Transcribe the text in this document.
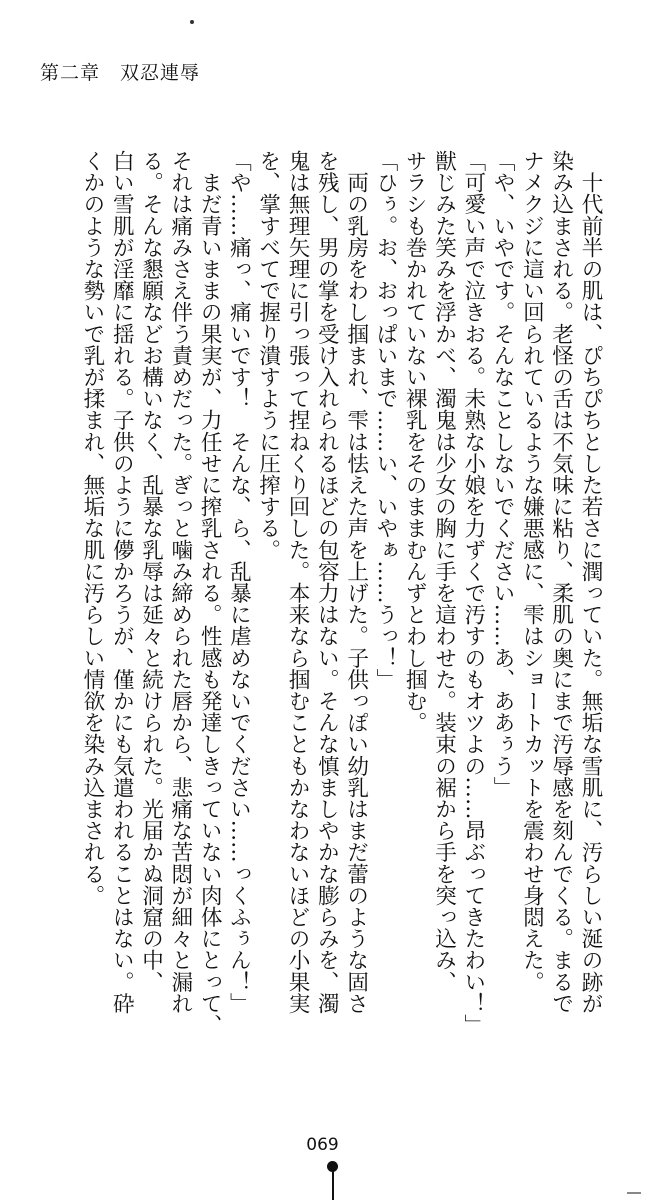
第二章　双忍連辱
　十代前半の肌は、ぴちぴちとした若さに潤っていた。無垢な雪肌に、汚らしい涎の跡が
染み込まされる。老怪の舌は不気味に粘り、柔肌の奥にまで汚辱感を刻んでくる。まるで
ナメクジに這い回られているような嫌悪感に、雫はショートカットを震わせ身悶えた。
「や、いやです。そんなことしないでください……あ、ああぅう」
「可愛い声で泣きおる。未熟な小娘を力ずくで汚すのもオツよの……昂ぶってきたわい！」
獣じみた笑みを浮かべ、濁鬼は少女の胸に手を這わせた。装束の裾から手を突っ込み、
サラシも巻かれていない裸乳をそのままむんずとわし掴む。
「ひぅ。お、おっぱいまで……い、いやぁ……うっ！」
　両の乳房をわし掴まれ、雫は怯えた声を上げた。子供っぽい幼乳はまだ蕾のような固さ
を残し、男の掌を受け入れられるほどの包容力はない。そんな慎ましやかな膨らみを、濁
鬼は無理矢理に引っ張って捏ねくり回した。本来なら掴むこともかなわないほどの小果実
を、掌すべてで握り潰すように圧搾する。
「や……痛っ、痛いです！　そんな、ら、乱暴に虐めないでください……っくふぅん！」
　まだ青いままの果実が、力任せに搾乳される。性感も発達しきっていない肉体にとって、
それは痛みさえ伴う責めだった。ぎっと噛み締められた唇から、悲痛な苦悶が細々と漏れ
る。そんな懇願などお構いなく、乱暴な乳辱は延々と続けられた。光届かぬ洞窟の中、
白い雪肌が淫靡に揺れる。子供のように儚かろうが、僅かにも気遣われることはない。砕
くかのような勢いで乳が揉まれ、無垢な肌に汚らしい情欲を染み込まされる。
069
